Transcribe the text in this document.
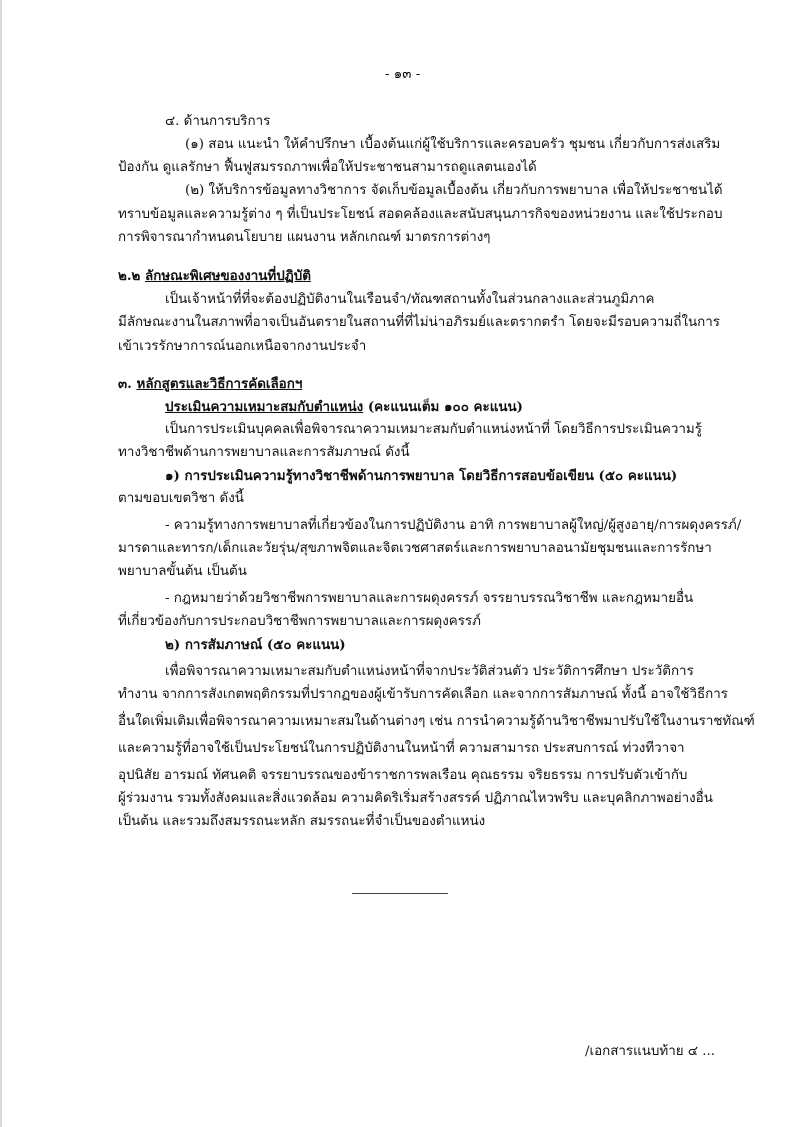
- ๑๓ -
๔. ด้านการบริการ
(๑) สอน แนะนำ ให้คำปรึกษา เบื้องต้นแก่ผู้ใช้บริการและครอบครัว ชุมชน เกี่ยวกับการส่งเสริม
ป้องกัน ดูแลรักษา ฟื้นฟูสมรรถภาพเพื่อให้ประชาชนสามารถดูแลตนเองได้
(๒) ให้บริการข้อมูลทางวิชาการ จัดเก็บข้อมูลเบื้องต้น เกี่ยวกับการพยาบาล เพื่อให้ประชาชนได้
ทราบข้อมูลและความรู้ต่าง ๆ ที่เป็นประโยชน์ สอดคล้องและสนับสนุนภารกิจของหน่วยงาน และใช้ประกอบ
การพิจารณากำหนดนโยบาย แผนงาน หลักเกณฑ์ มาตรการต่างๆ
๒.๒ ลักษณะพิเศษของงานที่ปฏิบัติ
เป็นเจ้าหน้าที่ที่จะต้องปฏิบัติงานในเรือนจำ/ทัณฑสถานทั้งในส่วนกลางและส่วนภูมิภาค
มีลักษณะงานในสภาพที่อาจเป็นอันตรายในสถานที่ที่ไม่น่าอภิรมย์และตรากตรำ โดยจะมีรอบความถี่ในการ
เข้าเวรรักษาการณ์นอกเหนือจากงานประจำ
๓. หลักสูตรและวิธีการคัดเลือกฯ
ประเมินความเหมาะสมกับตำแหน่ง (คะแนนเต็ม ๑๐๐ คะแนน)
เป็นการประเมินบุคคลเพื่อพิจารณาความเหมาะสมกับตำแหน่งหน้าที่ โดยวิธีการประเมินความรู้
ทางวิชาชีพด้านการพยาบาลและการสัมภาษณ์ ดังนี้
๑) การประเมินความรู้ทางวิชาชีพด้านการพยาบาล โดยวิธีการสอบข้อเขียน (๕๐ คะแนน)
ตามขอบเขตวิชา ดังนี้
- ความรู้ทางการพยาบาลที่เกี่ยวข้องในการปฏิบัติงาน อาทิ การพยาบาลผู้ใหญ่/ผู้สูงอายุ/การผดุงครรภ์/
มารดาและทารก/เด็กและวัยรุ่น/สุขภาพจิตและจิตเวชศาสตร์และการพยาบาลอนามัยชุมชนและการรักษา
พยาบาลขั้นต้น เป็นต้น
- กฎหมายว่าด้วยวิชาชีพการพยาบาลและการผดุงครรภ์ จรรยาบรรณวิชาชีพ และกฎหมายอื่น
ที่เกี่ยวข้องกับการประกอบวิชาชีพการพยาบาลและการผดุงครรภ์
๒) การสัมภาษณ์ (๕๐ คะแนน)
เพื่อพิจารณาความเหมาะสมกับตำแหน่งหน้าที่จากประวัติส่วนตัว ประวัติการศึกษา ประวัติการ
ทำงาน จากการสังเกตพฤติกรรมที่ปรากฏของผู้เข้ารับการคัดเลือก และจากการสัมภาษณ์ ทั้งนี้ อาจใช้วิธีการ
อื่นใดเพิ่มเติมเพื่อพิจารณาความเหมาะสมในด้านต่างๆ เช่น การนำความรู้ด้านวิชาชีพมาปรับใช้ในงานราชทัณฑ์
และความรู้ที่อาจใช้เป็นประโยชน์ในการปฏิบัติงานในหน้าที่ ความสามารถ ประสบการณ์ ท่วงทีวาจา
อุปนิสัย อารมณ์ ทัศนคติ จรรยาบรรณของข้าราชการพลเรือน คุณธรรม จริยธรรม การปรับตัวเข้ากับ
ผู้ร่วมงาน รวมทั้งสังคมและสิ่งแวดล้อม ความคิดริเริ่มสร้างสรรค์ ปฏิภาณไหวพริบ และบุคลิกภาพอย่างอื่น
เป็นต้น และรวมถึงสมรรถนะหลัก สมรรถนะที่จำเป็นของตำแหน่ง
/เอกสารแนบท้าย ๔ ...
